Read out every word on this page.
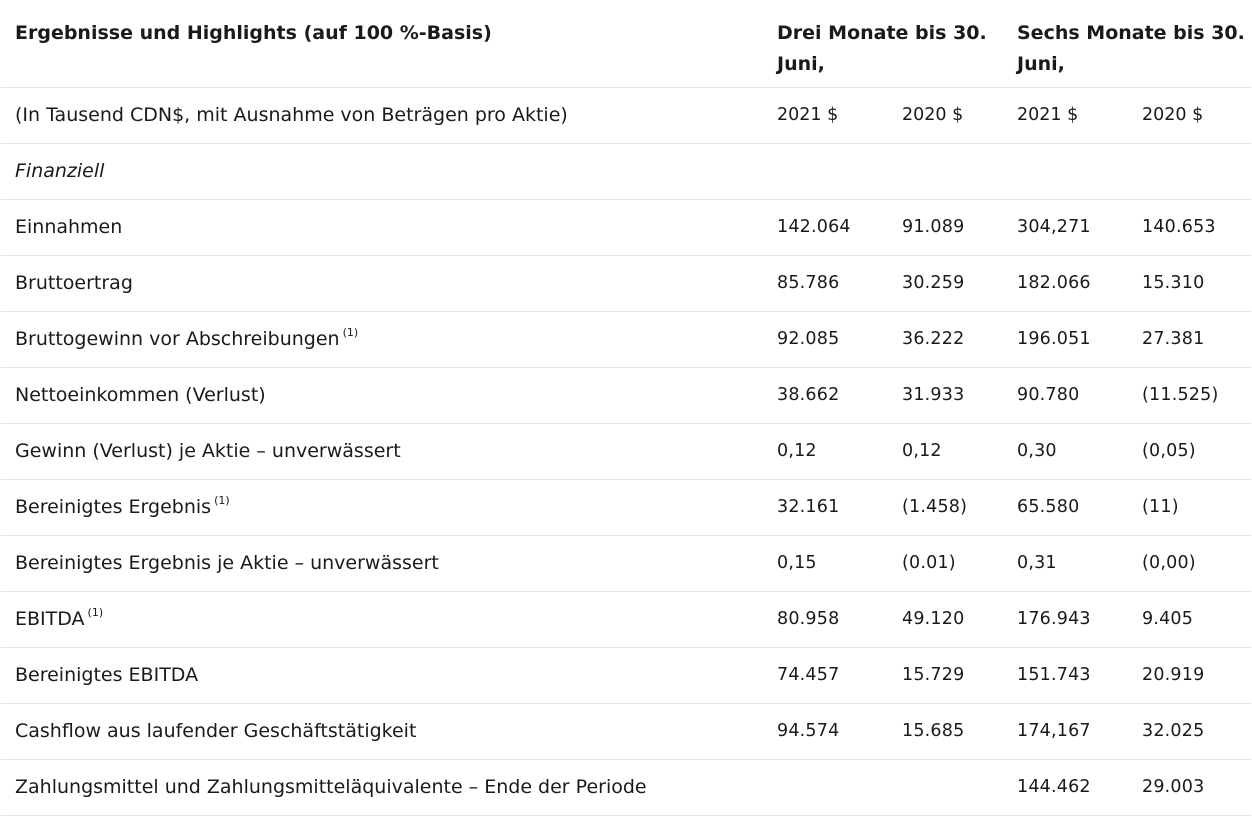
Ergebnisse und Highlights (auf 100 %-Basis)	Drei Monate bis 30. Juni,		Sechs Monate bis 30. Juni,	
(In Tausend CDN$, mit Ausnahme von Beträgen pro Aktie)	2021 $	2020 $	2021 $	2020 $
Finanziell				
Einnahmen	142.064	91.089	304,271	140.653
Bruttoertrag	85.786	30.259	182.066	15.310
Bruttogewinn vor Abschreibungen $^{(1)}$	92.085	36.222	196.051	27.381
Nettoeinkommen (Verlust)	38.662	31.933	90.780	(11.525)
Gewinn (Verlust) je Aktie – unverwässert	0,12	0,12	0,30	(0,05)
Bereinigtes Ergebnis $^{(1)}$	32.161	(1.458)	65.580	(11)
Bereinigtes Ergebnis je Aktie – unverwässert	0,15	(0.01)	0,31	(0,00)
EBITDA $^{(1)}$	80.958	49.120	176.943	9.405
Bereinigtes EBITDA	74.457	15.729	151.743	20.919
Cashflow aus laufender Geschäftstätigkeit	94.574	15.685	174,167	32.025
Zahlungsmittel und Zahlungsmitteläquivalente – Ende der Periode			144.462	29.003
